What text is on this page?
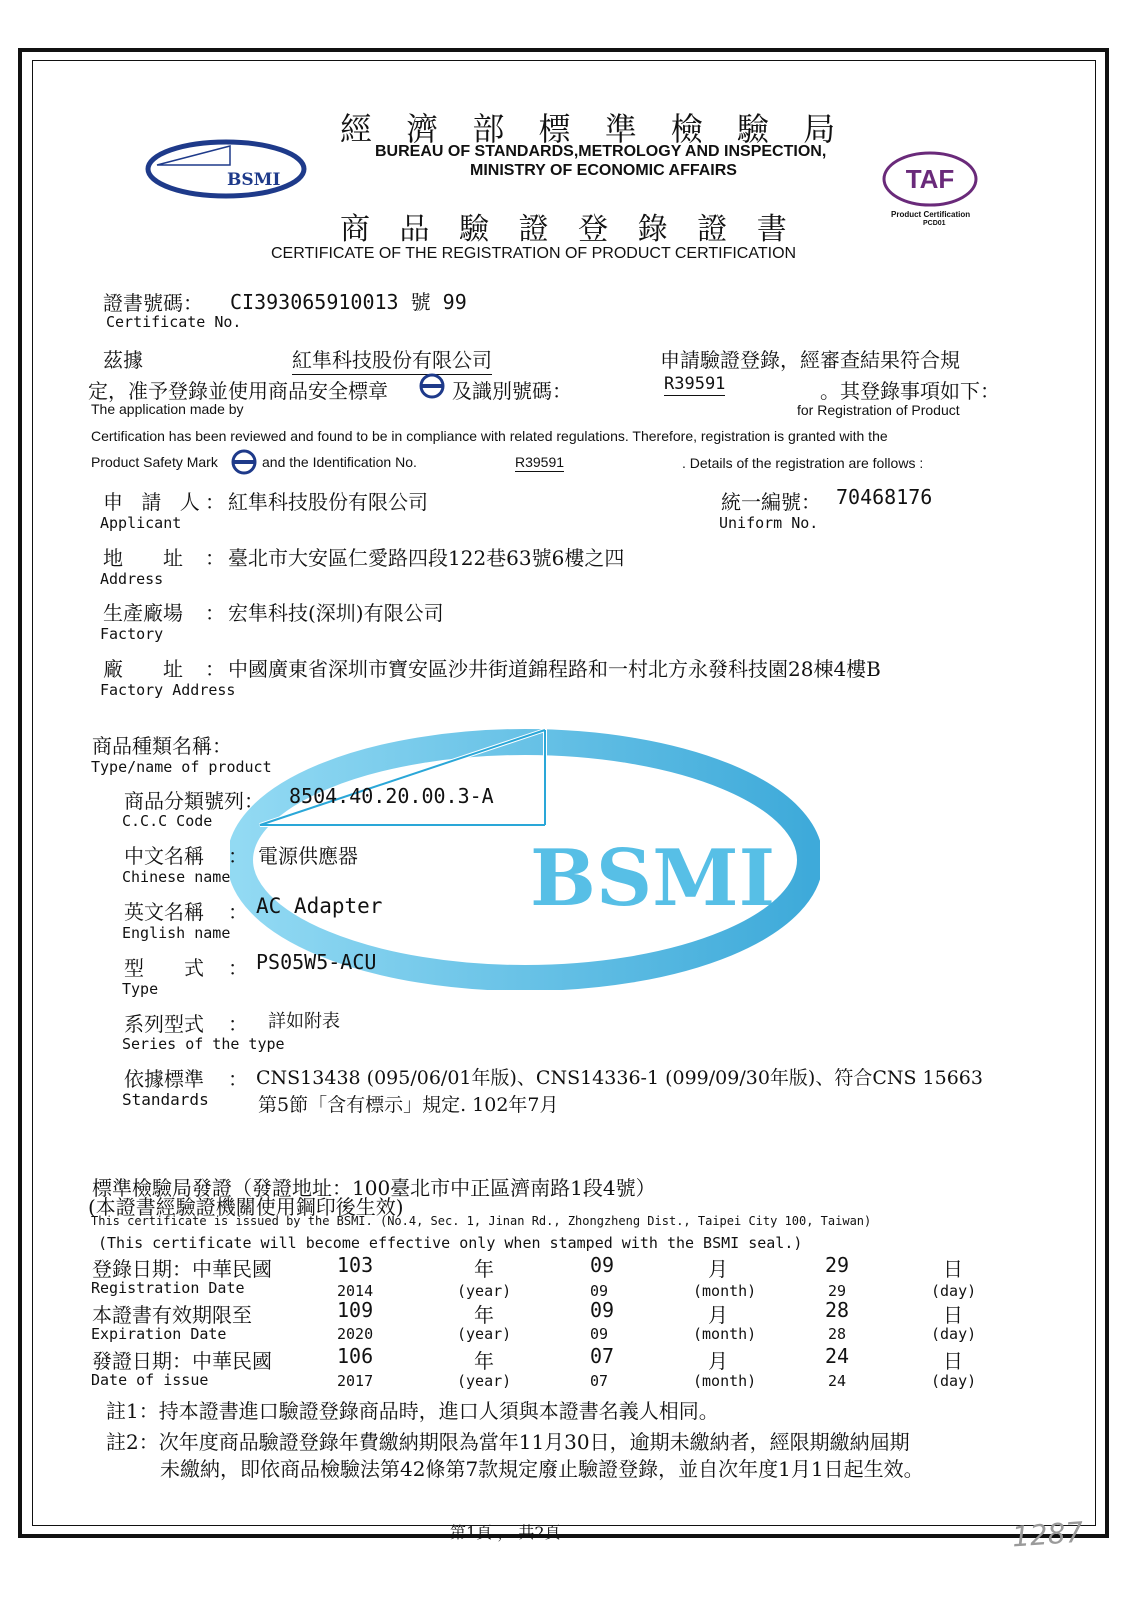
BSMI
經 濟 部 標 準 檢 驗 局
BUREAU OF STANDARDS,METROLOGY AND INSPECTION,
MINISTRY OF ECONOMIC AFFAIRS
BSMI	TAF
Product Certification
PCD01
商 品 驗 證 登 錄 證 書
CERTIFICATE OF THE REGISTRATION OF PRODUCT CERTIFICATION
證書號碼： CI393065910013 號 99
Certificate No.
茲據	紅隼科技股份有限公司	申請驗證登錄，經審查結果符合規
定，准予登錄並使用商品安全標章	及識別號碼：	R39591	。其登錄事項如下：
The application made by	for Registration of Product
Certification has been reviewed and found to be in compliance with related regulations. Therefore, registration is granted with the
Product Safety Mark	and the Identification No.	R39591	. Details of the registration are follows :
申 請 人 ： 紅隼科技股份有限公司
Applicant
統一編號： 70468176
Uniform No.
地　　址 ： 臺北市大安區仁愛路四段122巷63號6樓之四
Address
生產廠場 ： 宏隼科技(深圳)有限公司
Factory
廠　　址 ： 中國廣東省深圳市寶安區沙井街道錦程路和一村北方永發科技園28棟4樓B
Factory Address
商品種類名稱：
Type/name of product
商品分類號列： 8504.40.20.00.3-A
C.C.C Code
中文名稱 ： 電源供應器
Chinese name
英文名稱 ： AC Adapter
English name
型　　式 ： PS05W5-ACU
Type
系列型式 ： 詳如附表
Series of the type
依據標準 ： CNS13438 (095/06/01年版)、CNS14336-1 (099/09/30年版)、符合CNS 15663
Standards	第5節「含有標示」規定. 102年7月
標準檢驗局發證（發證地址：100臺北市中正區濟南路1段4號）
(本證書經驗證機關使用鋼印後生效)
This certificate is issued by the BSMI. (No.4, Sec. 1, Jinan Rd., Zhongzheng Dist., Taipei City 100, Taiwan)
(This certificate will become effective only when stamped with the BSMI seal.)
登錄日期：中華民國	103	年	09	月	29	日
Registration Date	2014	(year)	09	(month)	29	(day)
本證書有效期限至	109	年	09	月	28	日
Expiration Date	2020	(year)	09	(month)	28	(day)
發證日期：中華民國	106	年	07	月	24	日
Date of issue	2017	(year)	07	(month)	24	(day)
註1：持本證書進口驗證登錄商品時，進口人須與本證書名義人相同。
註2：次年度商品驗證登錄年費繳納期限為當年11月30日，逾期未繳納者，經限期繳納屆期
未繳納，即依商品檢驗法第42條第7款規定廢止驗證登錄，並自次年度1月1日起生效。
第1頁 ， 共2頁	1287
